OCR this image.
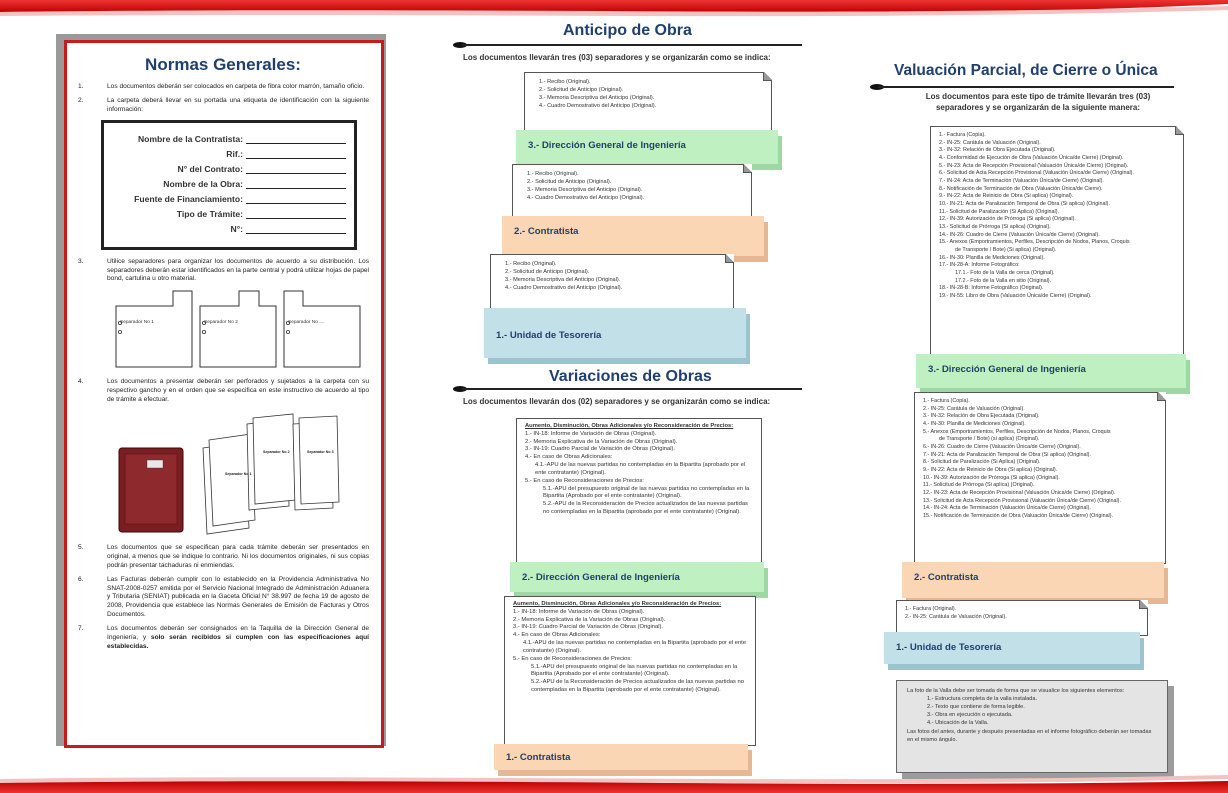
Normas Generales:
1.	Los documentos deberán ser colocados en carpeta de fibra color marrón, tamaño oficio.
2.	La carpeta deberá llevar en su portada una etiqueta de identificación con la siguiente información:
Nombre de la Contratista:
Rif.:
N° del Contrato:
Nombre de la Obra:
Fuente de Financiamiento:
Tipo de Trámite:
N°:
3.	Utilice separadores para organizar los documentos de acuerdo a su distribución. Los separadores deberán estar identificados en la parte central y podrá utilizar hojas de papel bond, cartulina u otro material.
Separador No 1	Separador No 2	Separador No ....
4.	Los documentos a presentar deberán ser perforados y sujetados a la carpeta con su respectivo gancho y en el orden que se especifica en este instructivo de acuerdo al tipo de trámite a efectuar.
Separador No 1
Separador No 2	Separador No 3
5.	Los documentos que se especifican para cada trámite deberán ser presentados en original, a menos que se indique lo contrario. Ni los documentos originales, ni sus copias podrán presentar tachaduras ni enmiendas.
6.	Las Facturas deberán cumplir con lo establecido en la Providencia Administrativa No SNAT-2008-0257 emitida por el Servicio Nacional Integrado de Administración Aduanera y Tributaria (SENIAT) publicada en la Gaceta Oficial N° 38.997 de fecha 19 de agosto de 2008, Providencia que establece las Normas Generales de Emisión de Facturas y Otros Documentos.
7.	Los documentos deberán ser consignados en la Taquilla de la Dirección General de Ingeniería, y solo serán recibidos si cumplen con las especificaciones aquí establecidas.
Anticipo de Obra
Los documentos llevarán tres (03) separadores y se organizarán como se indica:
1.- Recibo (Original).
2.- Solicitud de Anticipo (Original).
3.- Memoria Descriptiva del Anticipo (Original).
4.- Cuadro Demostrativo del Anticipo (Original).
3.- Dirección General de Ingeniería
1.- Recibo (Original).
2.- Solicitud de Anticipo (Original).
3.- Memoria Descriptiva del Anticipo (Original).
4.- Cuadro Demostrativo del Anticipo (Original).
2.- Contratista
1.- Recibo (Original).
2.- Solicitud de Anticipo (Original).
3.- Memoria Descriptiva del Anticipo (Original).
4.- Cuadro Demostrativo del Anticipo (Original).
1.- Unidad de Tesorería
Variaciones de Obras
Los documentos llevarán dos (02) separadores y se organizarán como se indica:
Aumento, Disminución, Obras Adicionales y/o Reconsideración de Precios:
1.- IN-18: Informe de Variación de Obras (Original).
2.- Memoria Explicativa de la Variación de Obras (Original).
3.- IN-19: Cuadro Parcial de Variación de Obras (Original).
4.- En caso de Obras Adicionales:
4.1.-APU de las nuevas partidas no contempladas en la Bipartita (aprobado por el ente contratante) (Original).
5.- En caso de Reconsideraciones de Precios:
5.1.-APU del presupuesto original de las nuevas partidas no contempladas en la Bipartita (Aprobado por el ente contratante) (Original).
5.2.-APU de la Reconsideración de Precios actualizados de las nuevas partidas no contempladas en la Bipartita (aprobado por el ente contratante) (Original).
2.- Dirección General de Ingeniería
Aumento, Disminución, Obras Adicionales y/o Reconsideración de Precios:
1.- IN-18: Informe de Variación de Obras (Original).
2.- Memoria Explicativa de la Variación de Obras (Original).
3.- IN-19: Cuadro Parcial de Variación de Obras (Original).
4.- En caso de Obras Adicionales:
4.1.-APU de las nuevas partidas no contempladas en la Bipartita (aprobado por el ente contratante) (Original).
5.- En caso de Reconsideraciones de Precios:
5.1.-APU del presupuesto original de las nuevas partidas no contempladas en la Bipartita (Aprobado por el ente contratante) (Original).
5.2.-APU de la Reconsideración de Precios actualizados de las nuevas partidas no contempladas en la Bipartita (aprobado por el ente contratante) (Original).
1.- Contratista
Valuación Parcial, de Cierre o Única
Los documentos para este tipo de trámite llevarán tres (03)
separadores y se organizarán de la siguiente manera:
1.- Factura (Copia).
2.- IN-25: Carátula de Valuación (Original).
3.- IN-32: Relación de Obra Ejecutada (Original).
4.- Conformidad de Ejecución de Obra (Valuación Única/de Cierre) (Original).
5.- IN-23: Acta de Recepción Provisional (Valuación Única/de Cierre) (Original).
6.- Solicitud de Acta Recepción Provisional (Valuación Única/de Cierre) (Original).
7.- IN-24: Acta de Terminación (Valuación Única/de Cierre) (Original).
8.- Notificación de Terminación de Obra (Valuación Única/de Cierre).
9.- IN-22: Acta de Reinicio de Obra (Si aplica) (Original).
10.- IN-21: Acta de Paralización Temporal de Obra (Si aplica) (Original).
11.- Solicitud de Paralización (Si Aplica) (Original).
12.- IN-39: Autorización de Prórroga (Si aplica) (Original).
13.- Solicitud de Prórroga (Si aplica) (Original).
14.- IN-26: Cuadro de Cierre (Valuación Única/de Cierre) (Original).
15.- Anexos (Emportramientos, Perfiles, Descripción de Nodos, Planos, Croquis
de Transporte / Bote) (Si aplica) (Original).
16.- IN-30: Planilla de Mediciones (Original).
17.- IN-28-A: Informe Fotográfico:
17.1.- Foto de la Valla de cerca (Original).
17.2.- Foto de la Valla en sitio (Original).
18.- IN-28-B: Informe Fotográfico (Original).
19.- IN-55: Libro de Obra (Valuación Única/de Cierre) (Original).
3.- Dirección General de Ingeniería
1.- Factura (Copia).
2.- IN-25: Carátula de Valuación (Original).
3.- IN-32: Relación de Obra Ejecutada (Original).
4.- IN-30: Planilla de Mediciones (Original).
5.- Anexos (Emportramientos, Perfiles, Descripción de Nodos, Planos, Croquis
de Transporte / Bote) (si aplica) (Original).
6.- IN-26: Cuadro de Cierre (Valuación Única/de Cierre) (Original).
7.- IN-21: Acta de Paralización Temporal de Obra (Si aplica) (Original).
8.- Solicitud de Paralización (Si Aplica) (Original).
9.- IN-22: Acta de Reinicio de Obra (Si aplica) (Original).
10.- IN-39: Autorización de Prórroga (Si aplica) (Original).
11.- Solicitud de Prórroga (Si aplica) (Original).
12.- IN-23: Acta de Recepción Provisional (Valuación Única/de Cierre) (Original).
13.- Solicitud de Acta Recepción Provisional (Valuación Única/de Cierre) (Original).
14.- IN-24: Acta de Terminación (Valuación Única/de Cierre) (Original).
15.- Notificación de Terminación de Obra (Valuación Única/de Cierre) (Original).
2.- Contratista
1.- Factura (Original).
2.- IN-25: Carátula de Valuación (Original).
1.- Unidad de Tesorería
La foto de la Valla debe ser tomada de forma que se visualice los siguientes elementos:
1.- Estructura completa de la valla instalada.
2.- Texto que contiene de forma legible.
3.- Obra en ejecución o ejecutada.
4.- Ubicación de la Valla.
Las fotos del antes, durante y después presentadas en el informe fotográfico deberán ser tomadas en el mismo ángulo.
